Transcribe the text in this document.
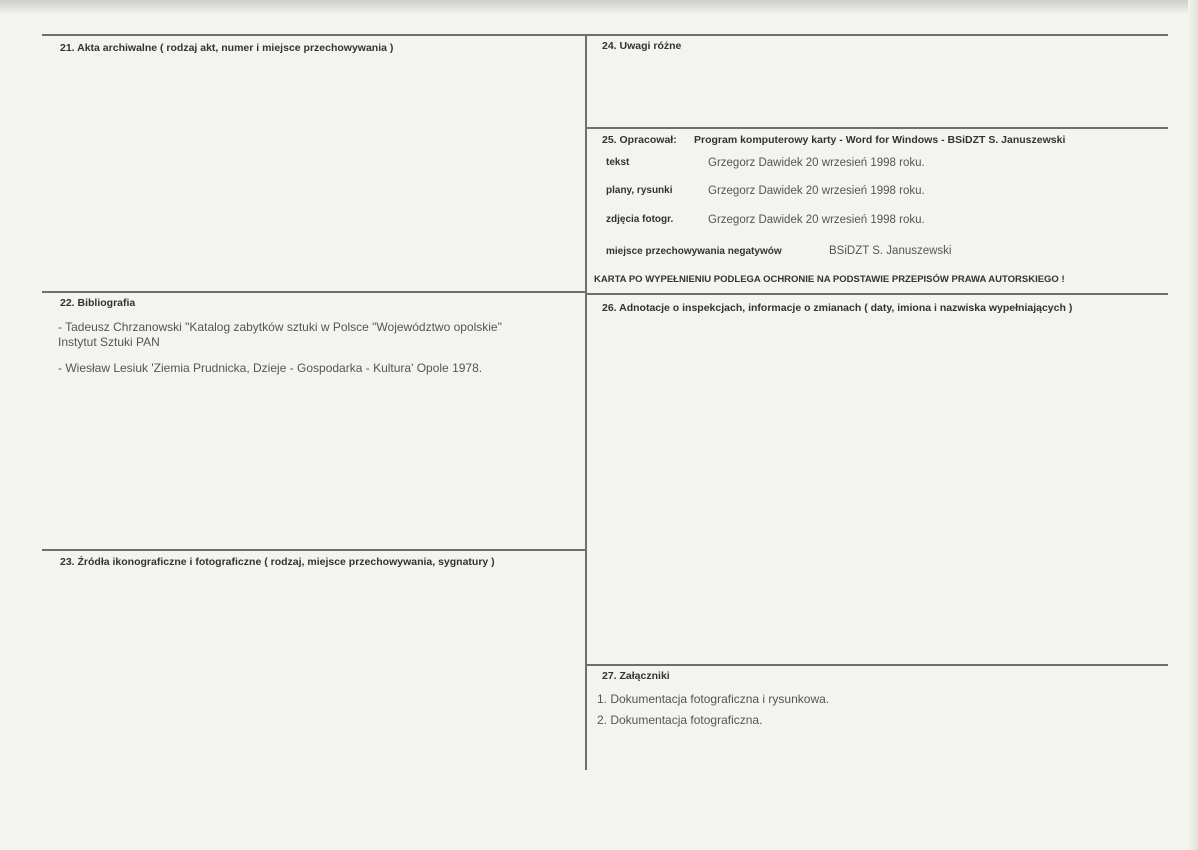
21. Akta archiwalne ( rodzaj akt, numer i miejsce przechowywania )
22. Bibliografia
- Tadeusz Chrzanowski "Katalog zabytków sztuki w Polsce "Województwo opolskie"
Instytut Sztuki PAN
- Wiesław Lesiuk 'Ziemia Prudnicka, Dzieje - Gospodarka - Kultura' Opole 1978.
23. Źródła ikonograficzne i fotograficzne ( rodzaj, miejsce przechowywania, sygnatury )
24. Uwagi różne
25. Opracował: Program komputerowy karty - Word for Windows - BSiDZT S. Januszewski
tekst	Grzegorz Dawidek 20 wrzesień 1998 roku.
plany, rysunki	Grzegorz Dawidek 20 wrzesień 1998 roku.
zdjęcia fotogr.	Grzegorz Dawidek 20 wrzesień 1998 roku.
miejsce przechowywania negatywów	BSiDZT S. Januszewski
KARTA PO WYPEŁNIENIU PODLEGA OCHRONIE NA PODSTAWIE PRZEPISÓW PRAWA AUTORSKIEGO !
26. Adnotacje o inspekcjach, informacje o zmianach ( daty, imiona i nazwiska wypełniających )
27. Załączniki
1. Dokumentacja fotograficzna i rysunkowa.
2. Dokumentacja fotograficzna.
